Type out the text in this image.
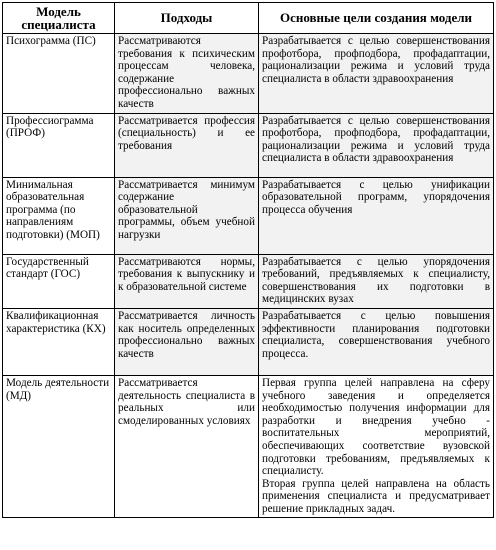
Модель специалиста	Подходы	Основные цели создания модели
Психограмма (ПС)	Рассматриваются требования к психическим процессам человека, содержание профессионально важных качеств	Разрабатывается с целью совершенствования профотбора, профподбора, профадаптации, рационализации режима и условий труда специалиста в области здравоохранения

Профессиограмма (ПРОФ)	Рассматривается профессия (специальность) и ее требования	Разрабатывается с целью совершенствования профотбора, профподбора, профадаптации, рационализации режима и условий труда специалиста в области здравоохранения

Минимальная образовательная программа (по направлениям подготовки) (МОП)	Рассматривается минимум содержание образовательной программы, объем учебной нагрузки	Разрабатывается с целью унификации образовательной программ, упорядочения процесса обучения

Государственный стандарт (ГОС)	Рассматриваются нормы, требования к выпускнику и к образовательной системе	Разрабатывается с целью упорядочения требований, предъявляемых к специалисту, совершенствования их подготовки в медицинских вузах

Квалификационная характеристика (КХ)	Рассматривается личность как носитель определенных профессионально важных качеств	Разрабатывается с целью повышения эффективности планирования подготовки специалиста, совершенствования учебного процесса.

Модель деятельности (МД)	Рассматривается деятельность специалиста в реальных или смоделированных условиях	Первая группа целей направлена на сферу учебного заведения и определяется необходимостью получения информации для разработки и внедрения учебно - воспитательных мероприятий, обеспечивающих соответствие вузовской подготовки требованиям, предъявляемых к специалисту.
Вторая группа целей направлена на область применения специалиста и предусматривает решение прикладных задач.
